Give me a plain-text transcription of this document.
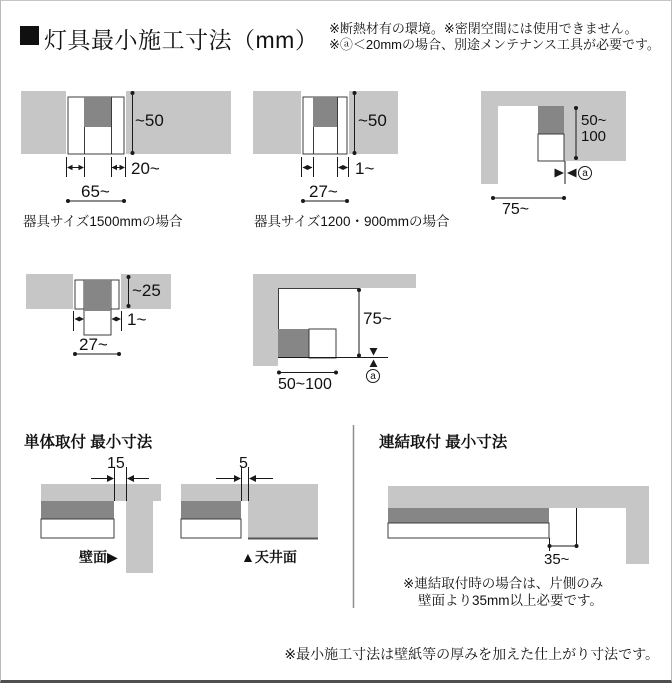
灯具最小施工寸法（mm） ※断熱材有の環境。※密閉空間には使用できません。
※ⓐ＜20mmの場合、別途メンテナンス工具が必要です。
~50
20~
65~
器具サイズ1500mmの場合
~50
1~
27~
器具サイズ1200・900mmの場合
50~
100
a
75~
~25
1~
27~
75~
a
50~100
単体取付 最小寸法
15
壁面▶
5
▲天井面
連結取付 最小寸法
35~
※連結取付時の場合は、片側のみ
壁面より35mm以上必要です。
※最小施工寸法は壁紙等の厚みを加えた仕上がり寸法です。
